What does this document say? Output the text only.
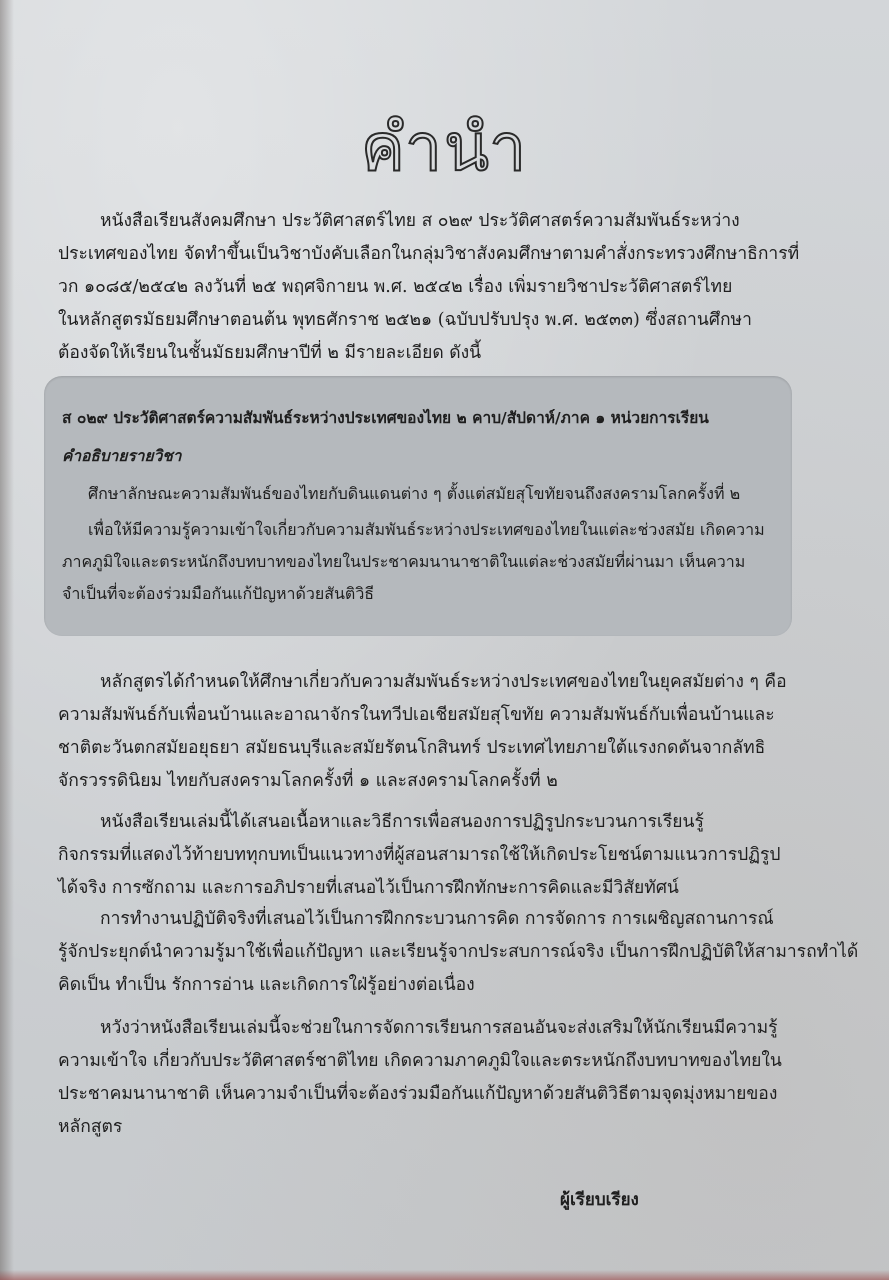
คำนำ
หนังสือเรียนสังคมศึกษา ประวัติศาสตร์ไทย ส ๐๒๙ ประวัติศาสตร์ความสัมพันธ์ระหว่าง
ประเทศของไทย จัดทำขึ้นเป็นวิชาบังคับเลือกในกลุ่มวิชาสังคมศึกษาตามคำสั่งกระทรวงศึกษาธิการที่
วก ๑๐๘๕/๒๕๔๒ ลงวันที่ ๒๕ พฤศจิกายน พ.ศ. ๒๕๔๒ เรื่อง เพิ่มรายวิชาประวัติศาสตร์ไทย
ในหลักสูตรมัธยมศึกษาตอนต้น พุทธศักราช ๒๕๒๑ (ฉบับปรับปรุง พ.ศ. ๒๕๓๓) ซึ่งสถานศึกษา
ต้องจัดให้เรียนในชั้นมัธยมศึกษาปีที่ ๒ มีรายละเอียด ดังนี้
ส ๐๒๙ ประวัติศาสตร์ความสัมพันธ์ระหว่างประเทศของไทย ๒ คาบ/สัปดาห์/ภาค ๑ หน่วยการเรียน
คำอธิบายรายวิชา
ศึกษาลักษณะความสัมพันธ์ของไทยกับดินแดนต่าง ๆ ตั้งแต่สมัยสุโขทัยจนถึงสงครามโลกครั้งที่ ๒
เพื่อให้มีความรู้ความเข้าใจเกี่ยวกับความสัมพันธ์ระหว่างประเทศของไทยในแต่ละช่วงสมัย เกิดความ
ภาคภูมิใจและตระหนักถึงบทบาทของไทยในประชาคมนานาชาติในแต่ละช่วงสมัยที่ผ่านมา เห็นความ
จำเป็นที่จะต้องร่วมมือกันแก้ปัญหาด้วยสันติวิธี
หลักสูตรได้กำหนดให้ศึกษาเกี่ยวกับความสัมพันธ์ระหว่างประเทศของไทยในยุคสมัยต่าง ๆ คือ
ความสัมพันธ์กับเพื่อนบ้านและอาณาจักรในทวีปเอเชียสมัยสุโขทัย ความสัมพันธ์กับเพื่อนบ้านและ
ชาติตะวันตกสมัยอยุธยา สมัยธนบุรีและสมัยรัตนโกสินทร์ ประเทศไทยภายใต้แรงกดดันจากลัทธิ
จักรวรรดินิยม ไทยกับสงครามโลกครั้งที่ ๑ และสงครามโลกครั้งที่ ๒
หนังสือเรียนเล่มนี้ได้เสนอเนื้อหาและวิธีการเพื่อสนองการปฏิรูปกระบวนการเรียนรู้
กิจกรรมที่แสดงไว้ท้ายบททุกบทเป็นแนวทางที่ผู้สอนสามารถใช้ให้เกิดประโยชน์ตามแนวการปฏิรูป
ได้จริง การซักถาม และการอภิปรายที่เสนอไว้เป็นการฝึกทักษะการคิดและมีวิสัยทัศน์
การทำงานปฏิบัติจริงที่เสนอไว้เป็นการฝึกกระบวนการคิด การจัดการ การเผชิญสถานการณ์
รู้จักประยุกต์นำความรู้มาใช้เพื่อแก้ปัญหา และเรียนรู้จากประสบการณ์จริง เป็นการฝึกปฏิบัติให้สามารถทำได้
คิดเป็น ทำเป็น รักการอ่าน และเกิดการใฝ่รู้อย่างต่อเนื่อง
หวังว่าหนังสือเรียนเล่มนี้จะช่วยในการจัดการเรียนการสอนอันจะส่งเสริมให้นักเรียนมีความรู้
ความเข้าใจ เกี่ยวกับประวัติศาสตร์ชาติไทย เกิดความภาคภูมิใจและตระหนักถึงบทบาทของไทยใน
ประชาคมนานาชาติ เห็นความจำเป็นที่จะต้องร่วมมือกันแก้ปัญหาด้วยสันติวิธีตามจุดมุ่งหมายของ
หลักสูตร
ผู้เรียบเรียง
